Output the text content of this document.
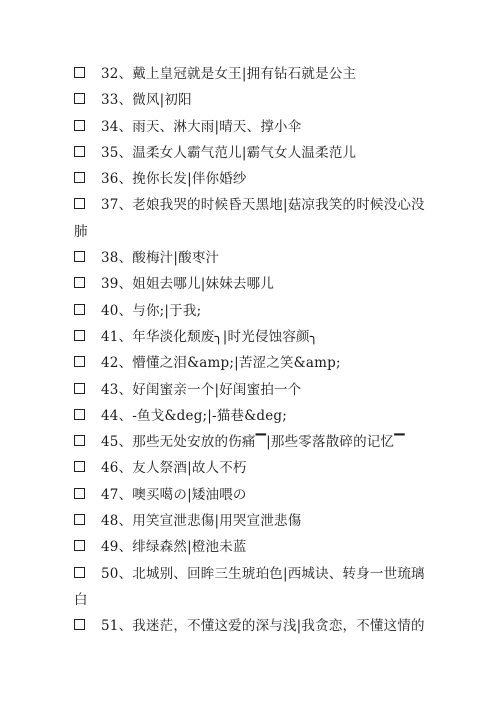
32、戴上皇冠就是女王|拥有钻石就是公主
33、微风|初阳
34、雨天、淋大雨|晴天、撑小伞
35、温柔女人霸气范儿|霸气女人温柔范儿
36、挽你长发|伴你婚纱
37、老娘我哭的时候昏天黑地|菇凉我笑的时候没心没
肺
38、酸梅汁|酸枣汁
39、姐姐去哪儿|妹妹去哪儿
40、与你;|于我;
41、年华淡化颓废╮|时光侵蚀容颜╮
42、懵懂之泪&amp;|苦涩之笑&amp;
43、好闺蜜亲一个|好闺蜜拍一个
44、-鱼戈&deg;|-猫巷&deg;
45、那些无处安放的伤痛▔|那些零落散碎的记忆▔
46、友人祭酒|故人不朽
47、噢买噶の|矮油喂の
48、用笑宣泄悲傷|用哭宣泄悲傷
49、绯绿森然|橙池未蓝
50、北城别、回眸三生琥珀色|西城诀、转身一世琉璃
白
51、我迷茫，不懂这爱的深与浅|我贪恋，不懂这情的
